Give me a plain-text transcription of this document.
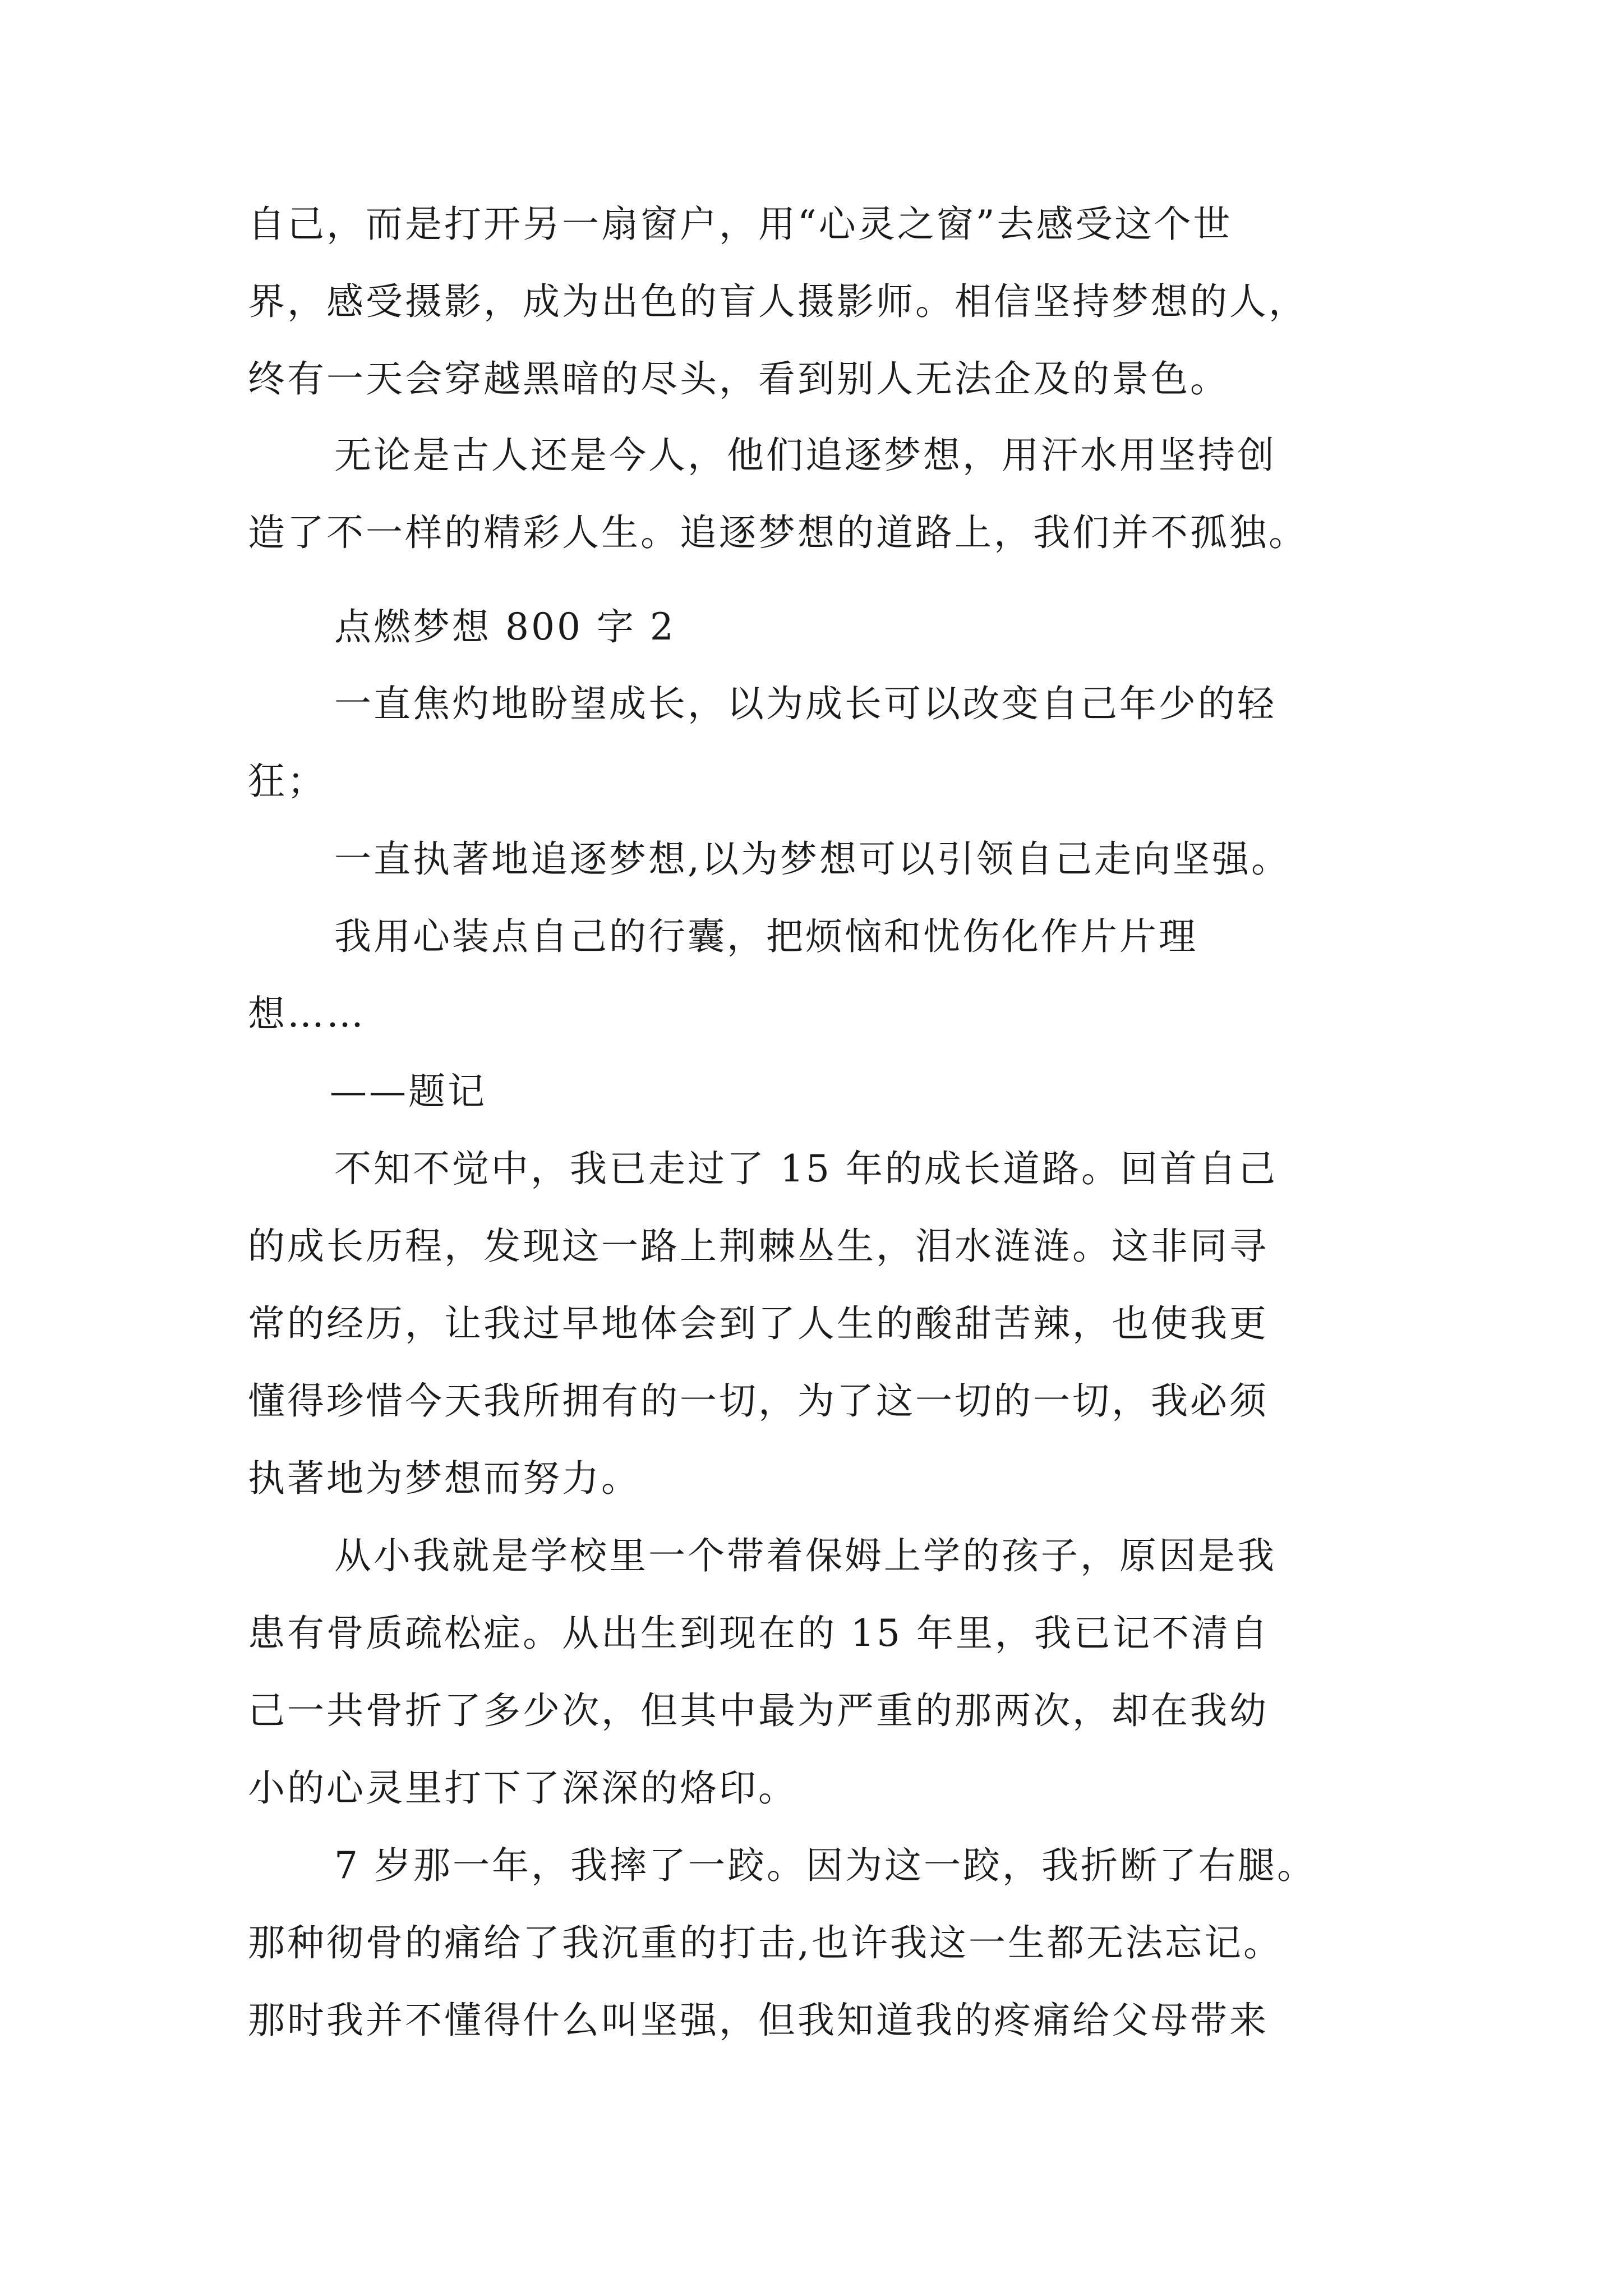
自己，而是打开另一扇窗户，用“心灵之窗”去感受这个世

界，感受摄影，成为出色的盲人摄影师。相信坚持梦想的人，

终有一天会穿越黑暗的尽头，看到别人无法企及的景色。

无论是古人还是今人，他们追逐梦想，用汗水用坚持创

造了不一样的精彩人生。追逐梦想的道路上，我们并不孤独。

点燃梦想 800 字 2

一直焦灼地盼望成长，以为成长可以改变自己年少的轻

狂；

一直执著地追逐梦想,以为梦想可以引领自己走向坚强。

我用心装点自己的行囊，把烦恼和忧伤化作片片理

想……

——题记

不知不觉中，我已走过了 15 年的成长道路。回首自己

的成长历程，发现这一路上荆棘丛生，泪水涟涟。这非同寻

常的经历，让我过早地体会到了人生的酸甜苦辣，也使我更

懂得珍惜今天我所拥有的一切，为了这一切的一切，我必须

执著地为梦想而努力。

从小我就是学校里一个带着保姆上学的孩子，原因是我

患有骨质疏松症。从出生到现在的 15 年里，我已记不清自

己一共骨折了多少次，但其中最为严重的那两次，却在我幼

小的心灵里打下了深深的烙印。

7 岁那一年，我摔了一跤。因为这一跤，我折断了右腿。

那种彻骨的痛给了我沉重的打击,也许我这一生都无法忘记。

那时我并不懂得什么叫坚强，但我知道我的疼痛给父母带来
